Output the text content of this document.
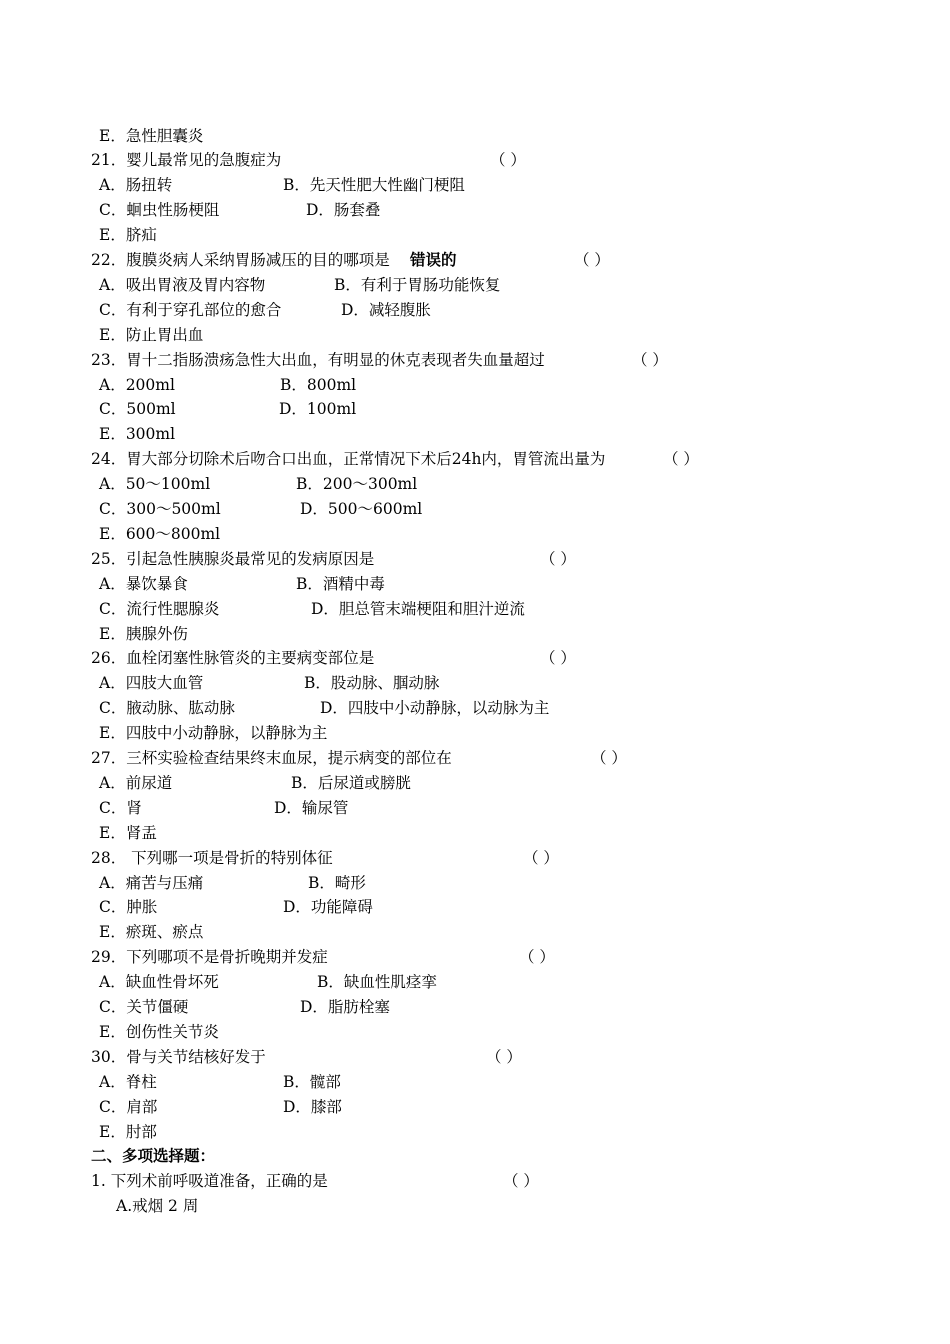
E．急性胆囊炎
21．婴儿最常见的急腹症为	（ ）
A．肠扭转	B．先天性肥大性幽门梗阻
C．蛔虫性肠梗阻	D．肠套叠
E．脐疝
22．腹膜炎病人采纳胃肠减压的目的哪项是 错误的	（ ）
A．吸出胃液及胃内容物	B．有利于胃肠功能恢复
C．有利于穿孔部位的愈合	D．减轻腹胀
E．防止胃出血
23．胃十二指肠溃疡急性大出血，有明显的休克表现者失血量超过	（ ）
A．200ml	B．800ml
C．500ml	D．100ml
E．300ml
24．胃大部分切除术后吻合口出血，正常情况下术后24h内，胃管流出量为	（ ）
A．50～100ml	B．200～300ml
C．300～500ml	D．500～600ml
E．600～800ml
25．引起急性胰腺炎最常见的发病原因是	（ ）
A．暴饮暴食	B．酒精中毒
C．流行性腮腺炎	D．胆总管末端梗阻和胆汁逆流
E．胰腺外伤
26．血栓闭塞性脉管炎的主要病变部位是	（ ）
A．四肢大血管	B．股动脉、腘动脉
C．腋动脉、肱动脉	D．四肢中小动静脉，以动脉为主
E．四肢中小动静脉，以静脉为主
27．三杯实验检查结果终末血尿，提示病变的部位在	（ ）
A．前尿道	B．后尿道或膀胱
C．肾	D．输尿管
E．肾盂
28． 下列哪一项是骨折的特别体征	（ ）
A．痛苦与压痛	B．畸形
C．肿胀	D．功能障碍
E．瘀斑、瘀点
29．下列哪项不是骨折晚期并发症	（ ）
A．缺血性骨坏死	B．缺血性肌痉挛
C．关节僵硬	D．脂肪栓塞
E．创伤性关节炎
30．骨与关节结核好发于	（ ）
A．脊柱	B．髋部
C．肩部	D．膝部
E．肘部
二、多项选择题：
1. 下列术前呼吸道准备，正确的是	（ ）
A.戒烟 2 周
